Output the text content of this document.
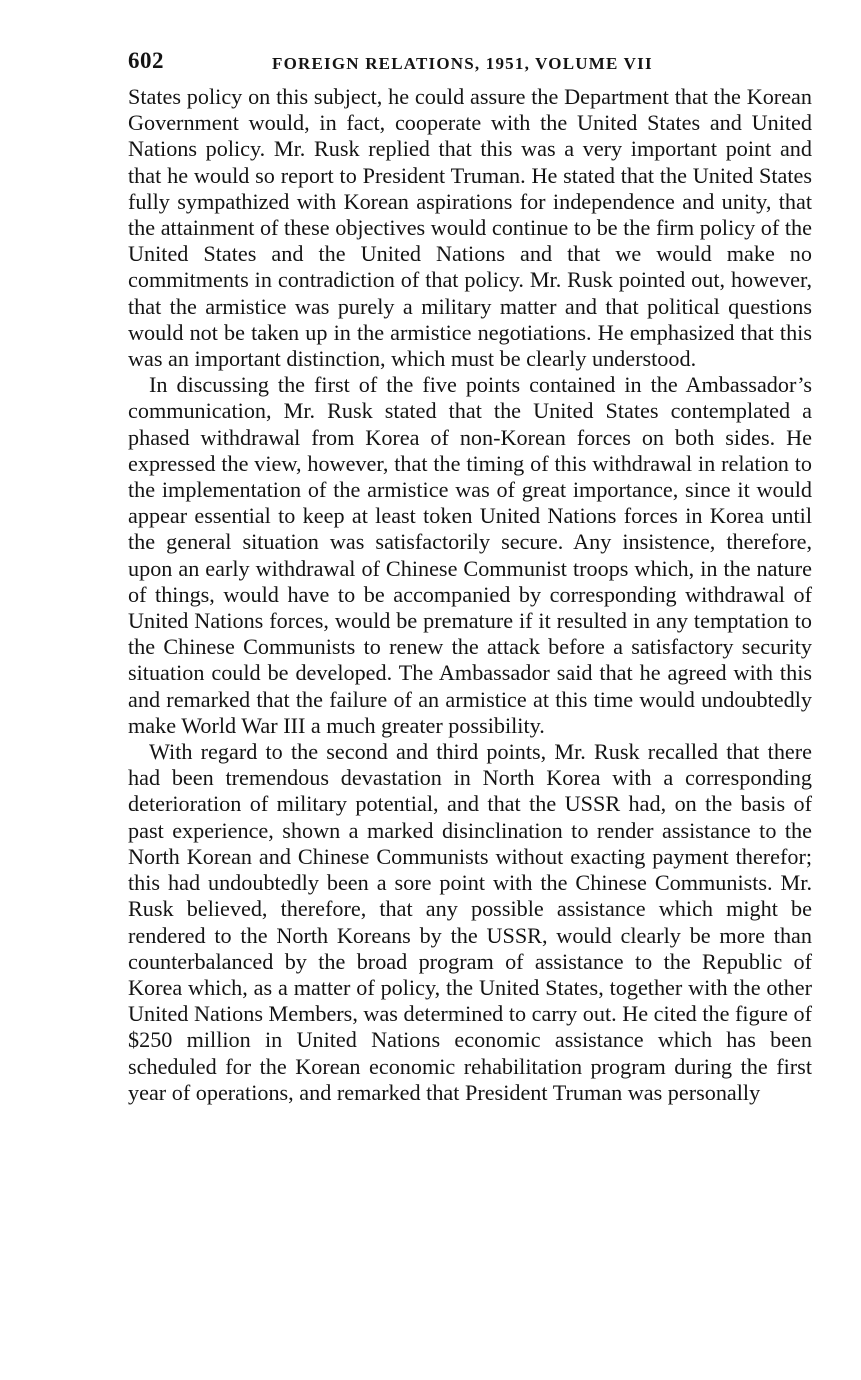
602	FOREIGN RELATIONS, 1951, VOLUME VII

States policy on this subject, he could assure the Department that the Korean Government would, in fact, cooperate with the United States and United Nations policy. Mr. Rusk replied that this was a very important point and that he would so report to President Truman. He stated that the United States fully sympathized with Korean aspirations for independence and unity, that the attainment of these objectives would continue to be the firm policy of the United States and the United Nations and that we would make no commitments in contradiction of that policy. Mr. Rusk pointed out, however, that the armistice was purely a military matter and that political questions would not be taken up in the armistice negotiations. He emphasized that this was an important distinction, which must be clearly understood.

In discussing the first of the five points contained in the Ambassador’s communication, Mr. Rusk stated that the United States contemplated a phased withdrawal from Korea of non-Korean forces on both sides. He expressed the view, however, that the timing of this withdrawal in relation to the implementation of the armistice was of great importance, since it would appear essential to keep at least token United Nations forces in Korea until the general situation was satisfactorily secure. Any insistence, therefore, upon an early withdrawal of Chinese Communist troops which, in the nature of things, would have to be accompanied by corresponding withdrawal of United Nations forces, would be premature if it resulted in any temptation to the Chinese Communists to renew the attack before a satisfactory security situation could be developed. The Ambassador said that he agreed with this and remarked that the failure of an armistice at this time would undoubtedly make World War III a much greater possibility.

With regard to the second and third points, Mr. Rusk recalled that there had been tremendous devastation in North Korea with a corresponding deterioration of military potential, and that the USSR had, on the basis of past experience, shown a marked disinclination to render assistance to the North Korean and Chinese Communists without exacting payment therefor; this had undoubtedly been a sore point with the Chinese Communists. Mr. Rusk believed, therefore, that any possible assistance which might be rendered to the North Koreans by the USSR, would clearly be more than counterbalanced by the broad program of assistance to the Republic of Korea which, as a matter of policy, the United States, together with the other United Nations Members, was determined to carry out. He cited the figure of $250 million in United Nations economic assistance which has been scheduled for the Korean economic rehabilitation program during the first year of operations, and remarked that President Truman was personally
